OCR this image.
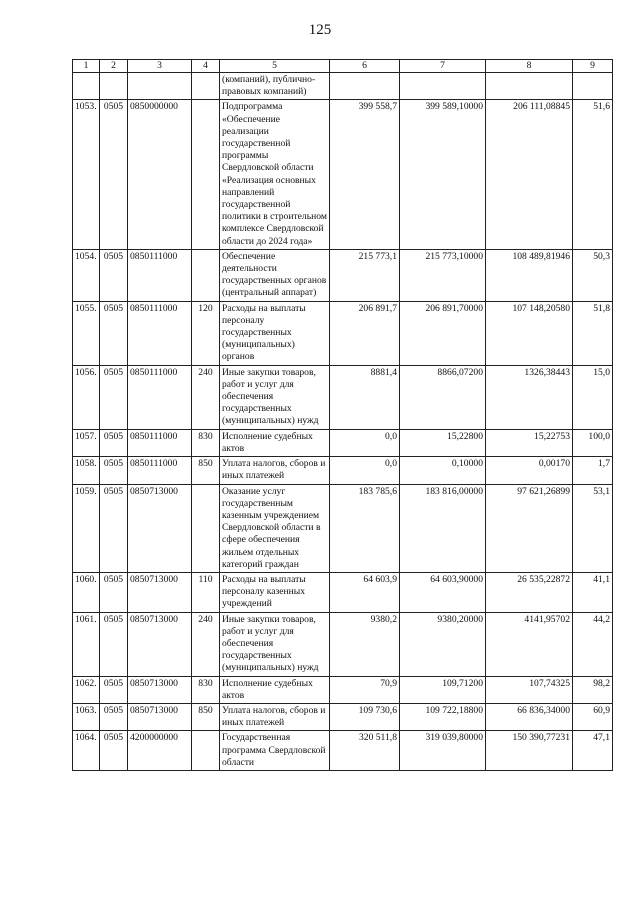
125
1	2	3	4	5	6	7	8	9
				(компаний), публично-правовых компаний)				
1053.	0505	0850000000		Подпрограмма «Обеспечение реализации государственной программы Свердловской области «Реализация основных направлений государственной политики в строительном комплексе Свердловской области до 2024 года»	399 558,7	399 589,10000	206 111,08845	51,6
1054.	0505	0850111000		Обеспечение деятельности государственных органов (центральный аппарат)	215 773,1	215 773,10000	108 489,81946	50,3
1055.	0505	0850111000	120	Расходы на выплаты персоналу государственных (муниципальных) органов	206 891,7	206 891,70000	107 148,20580	51,8
1056.	0505	0850111000	240	Иные закупки товаров, работ и услуг для обеспечения государственных (муниципальных) нужд	8881,4	8866,07200	1326,38443	15,0
1057.	0505	0850111000	830	Исполнение судебных актов	0,0	15,22800	15,22753	100,0
1058.	0505	0850111000	850	Уплата налогов, сборов и иных платежей	0,0	0,10000	0,00170	1,7
1059.	0505	0850713000		Оказание услуг государственным казенным учреждением Свердловской области в сфере обеспечения жильем отдельных категорий граждан	183 785,6	183 816,00000	97 621,26899	53,1
1060.	0505	0850713000	110	Расходы на выплаты персоналу казенных учреждений	64 603,9	64 603,90000	26 535,22872	41,1
1061.	0505	0850713000	240	Иные закупки товаров, работ и услуг для обеспечения государственных (муниципальных) нужд	9380,2	9380,20000	4141,95702	44,2
1062.	0505	0850713000	830	Исполнение судебных актов	70,9	109,71200	107,74325	98,2
1063.	0505	0850713000	850	Уплата налогов, сборов и иных платежей	109 730,6	109 722,18800	66 836,34000	60,9
1064.	0505	4200000000		Государственная программа Свердловской области	320 511,8	319 039,80000	150 390,77231	47,1
